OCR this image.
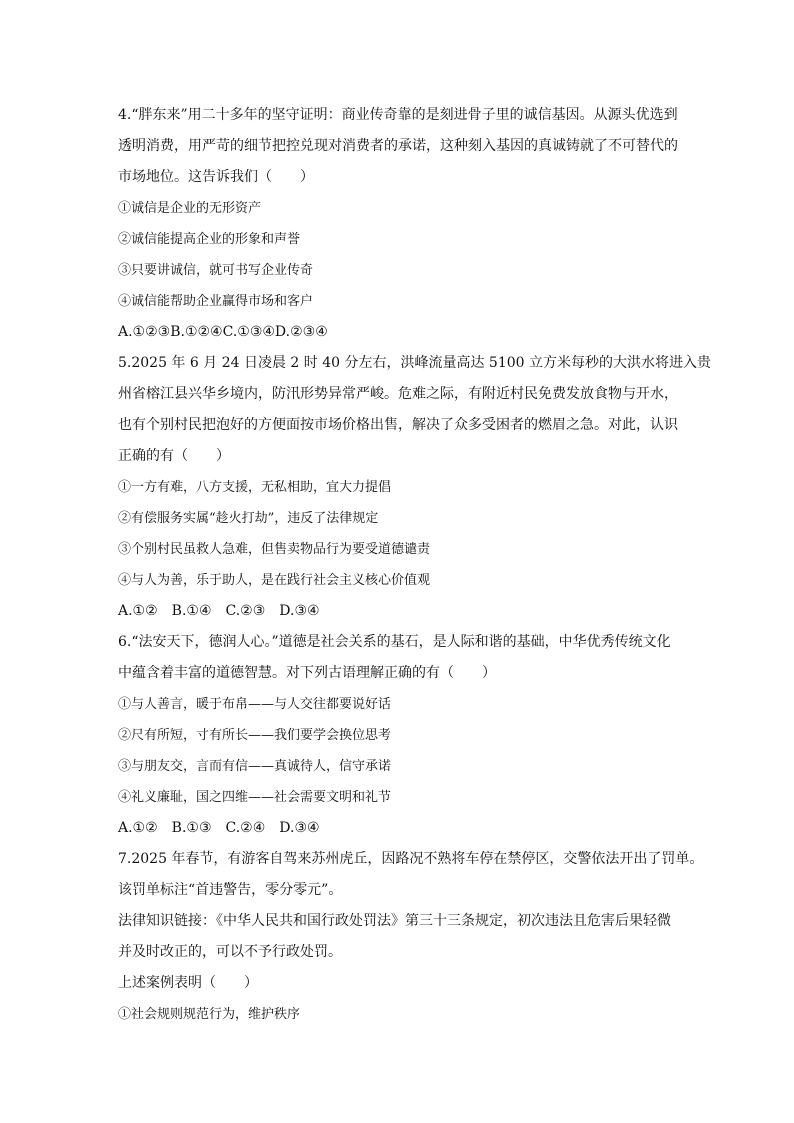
4.“胖东来”用二十多年的坚守证明：商业传奇靠的是刻进骨子里的诚信基因。从源头优选到
透明消费，用严苛的细节把控兑现对消费者的承诺，这种刻入基因的真诚铸就了不可替代的
市场地位。这告诉我们（　　）
①诚信是企业的无形资产
②诚信能提高企业的形象和声誉
③只要讲诚信，就可书写企业传奇
④诚信能帮助企业赢得市场和客户
A.①②③B.①②④C.①③④D.②③④
5.2025 年 6 月 24 日凌晨 2 时 40 分左右，洪峰流量高达 5100 立方米每秒的大洪水将进入贵
州省榕江县兴华乡境内，防汛形势异常严峻。危难之际，有附近村民免费发放食物与开水，
也有个别村民把泡好的方便面按市场价格出售，解决了众多受困者的燃眉之急。对此，认识
正确的有（　　）
①一方有难，八方支援，无私相助，宜大力提倡
②有偿服务实属“趁火打劫”，违反了法律规定
③个别村民虽救人急难，但售卖物品行为要受道德谴责
④与人为善，乐于助人，是在践行社会主义核心价值观
A.①②　B.①④　C.②③　D.③④
6.“法安天下，德润人心。”道德是社会关系的基石，是人际和谐的基础，中华优秀传统文化
中蕴含着丰富的道德智慧。对下列古语理解正确的有（　　）
①与人善言，暖于布帛——与人交往都要说好话
②尺有所短，寸有所长——我们要学会换位思考
③与朋友交，言而有信——真诚待人，信守承诺
④礼义廉耻，国之四维——社会需要文明和礼节
A.①②　B.①③　C.②④　D.③④
7.2025 年春节，有游客自驾来苏州虎丘，因路况不熟将车停在禁停区，交警依法开出了罚单。
该罚单标注“首违警告，零分零元”。
法律知识链接：《中华人民共和国行政处罚法》第三十三条规定，初次违法且危害后果轻微
并及时改正的，可以不予行政处罚。
上述案例表明（　　）
①社会规则规范行为，维护秩序
